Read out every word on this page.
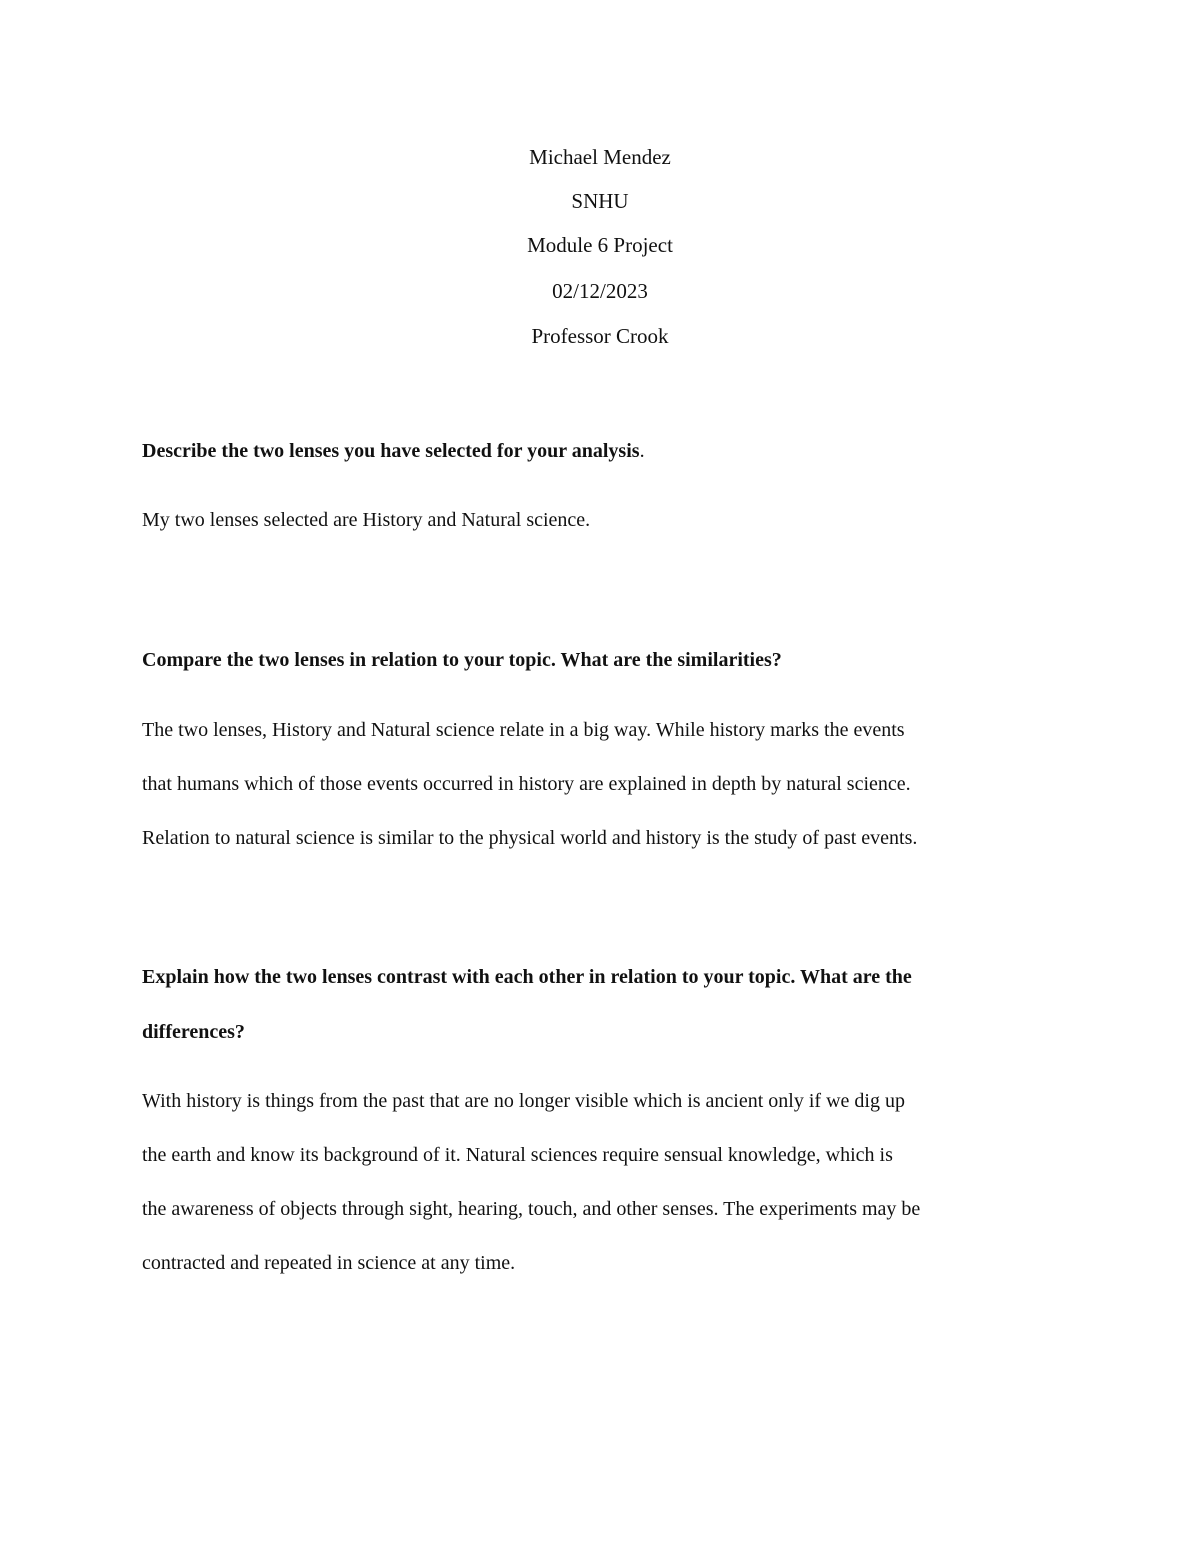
Michael Mendez

SNHU

Module 6 Project

02/12/2023

Professor Crook

Describe the two lenses you have selected for your analysis.

My two lenses selected are History and Natural science.

Compare the two lenses in relation to your topic. What are the similarities?

The two lenses, History and Natural science relate in a big way. While history marks the events

that humans which of those events occurred in history are explained in depth by natural science.

Relation to natural science is similar to the physical world and history is the study of past events.

Explain how the two lenses contrast with each other in relation to your topic. What are the

differences?

With history is things from the past that are no longer visible which is ancient only if we dig up

the earth and know its background of it. Natural sciences require sensual knowledge, which is

the awareness of objects through sight, hearing, touch, and other senses. The experiments may be

contracted and repeated in science at any time.
